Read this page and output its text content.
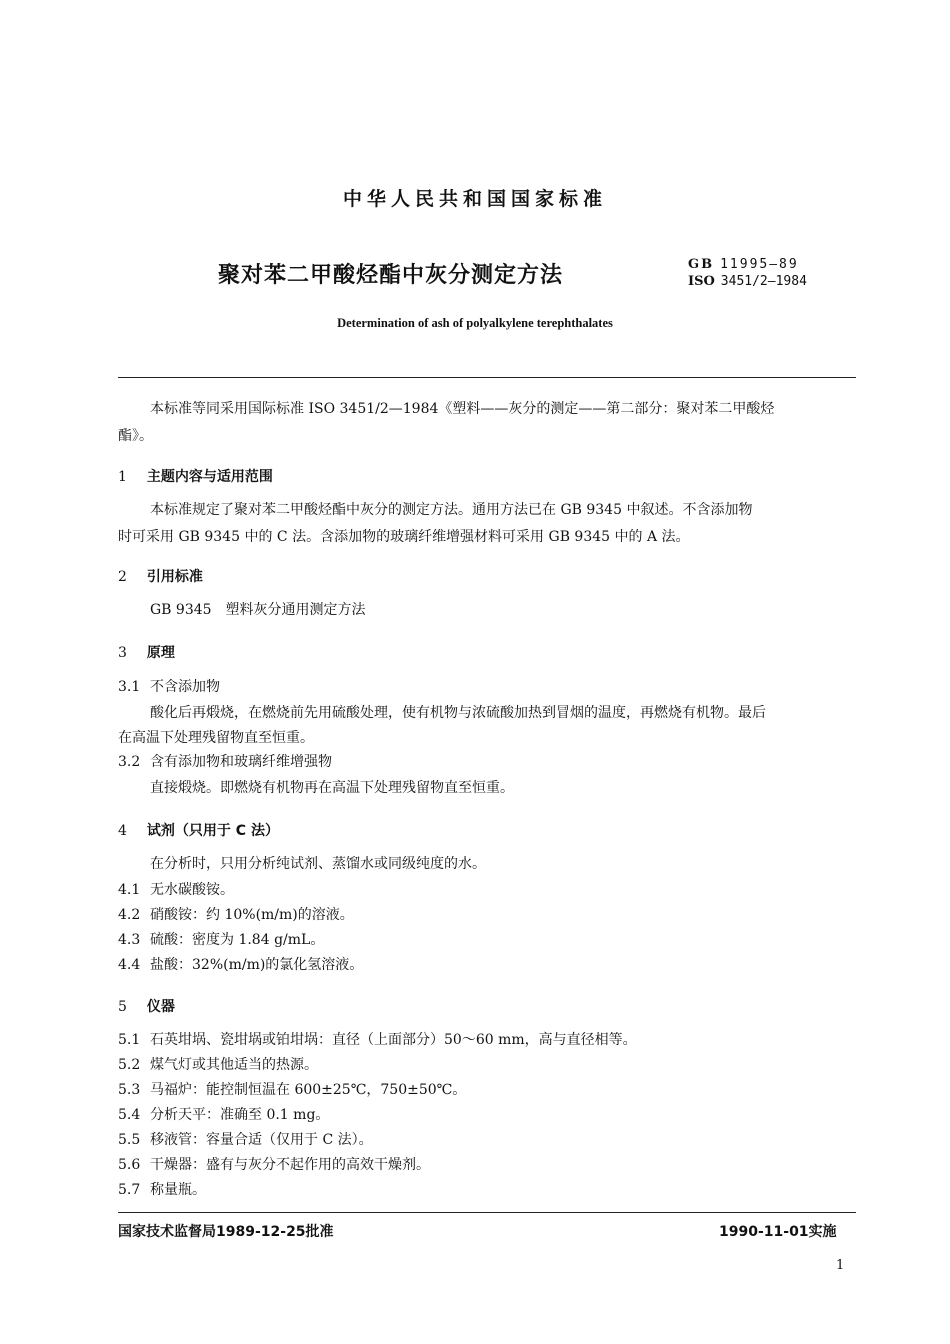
中华人民共和国国家标准
聚对苯二甲酸烃酯中灰分测定方法	GB 11995—89
ISO 3451/2—1984
Determination of ash of polyalkylene terephthalates
本标准等同采用国际标准 ISO 3451/2—1984《塑料——灰分的测定——第二部分：聚对苯二甲酸烃
酯》。
1 主题内容与适用范围
本标准规定了聚对苯二甲酸烃酯中灰分的测定方法。通用方法已在 GB 9345 中叙述。不含添加物
时可采用 GB 9345 中的 C 法。含添加物的玻璃纤维增强材料可采用 GB 9345 中的 A 法。
2 引用标准
GB 9345　塑料灰分通用测定方法
3 原理
3.1 不含添加物
酸化后再煅烧，在燃烧前先用硫酸处理，使有机物与浓硫酸加热到冒烟的温度，再燃烧有机物。最后
在高温下处理残留物直至恒重。
3.2 含有添加物和玻璃纤维增强物
直接煅烧。即燃烧有机物再在高温下处理残留物直至恒重。
4 试剂（只用于 C 法）
在分析时，只用分析纯试剂、蒸馏水或同级纯度的水。
4.1 无水碳酸铵。
4.2 硝酸铵：约 10%(m/m)的溶液。
4.3 硫酸：密度为 1.84 g/mL。
4.4 盐酸：32%(m/m)的氯化氢溶液。
5 仪器
5.1 石英坩埚、瓷坩埚或铂坩埚：直径（上面部分）50～60 mm，高与直径相等。
5.2 煤气灯或其他适当的热源。
5.3 马福炉：能控制恒温在 600±25℃，750±50℃。
5.4 分析天平：准确至 0.1 mg。
5.5 移液管：容量合适（仅用于 C 法）。
5.6 干燥器：盛有与灰分不起作用的高效干燥剂。
5.7 称量瓶。
国家技术监督局1989-12-25批准	1990-11-01实施
1
